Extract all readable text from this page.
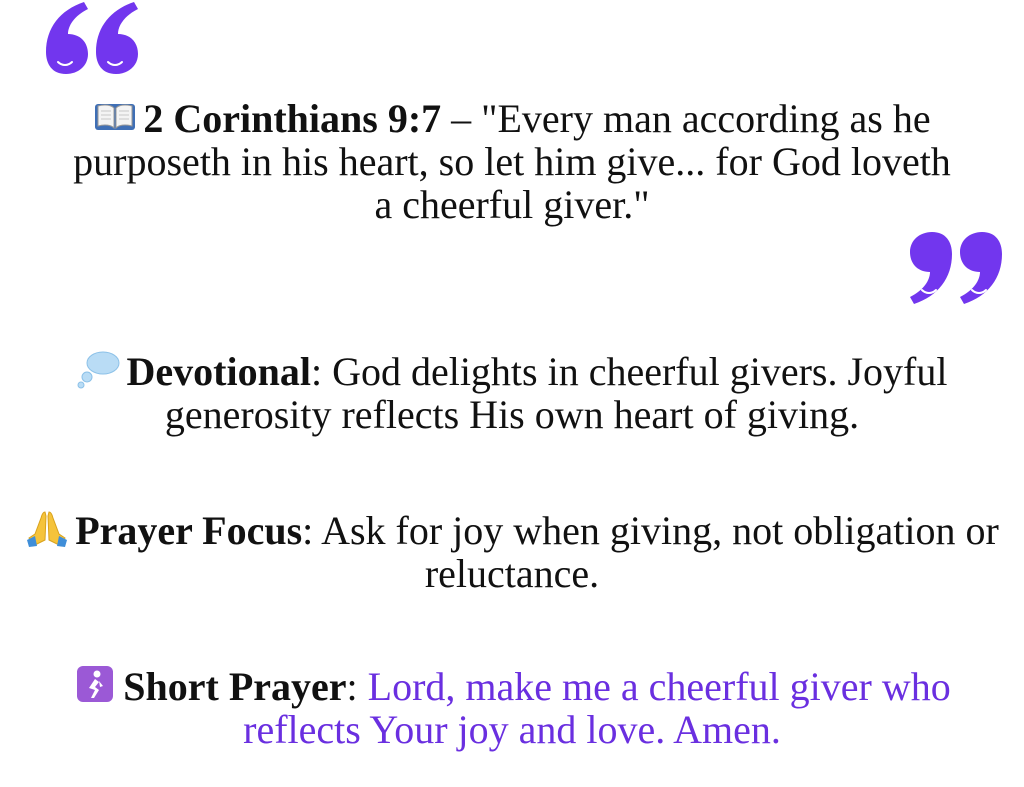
2 Corinthians 9:7 – "Every man according as he purposeth in his heart, so let him give... for God loveth a cheerful giver."
Devotional: God delights in cheerful givers. Joyful generosity reflects His own heart of giving.
Prayer Focus: Ask for joy when giving, not obligation or reluctance.
Short Prayer: Lord, make me a cheerful giver who reflects Your joy and love. Amen.
